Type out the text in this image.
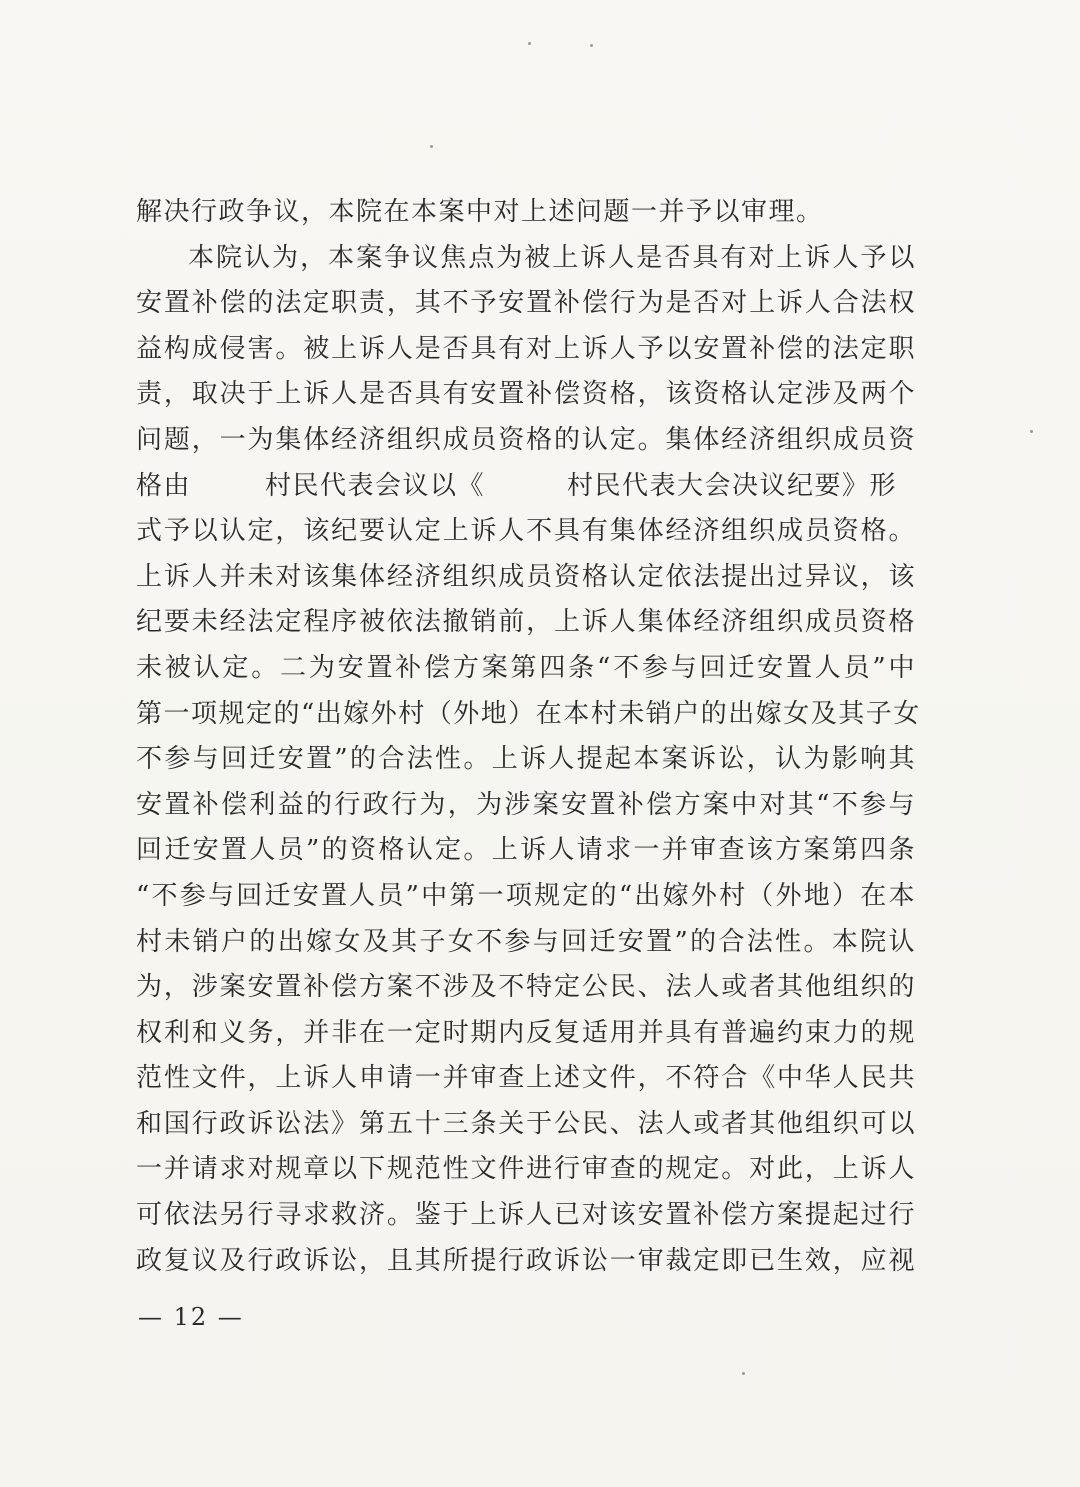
解决行政争议，本院在本案中对上述问题一并予以审理。
本院认为，本案争议焦点为被上诉人是否具有对上诉人予以
安置补偿的法定职责，其不予安置补偿行为是否对上诉人合法权
益构成侵害。被上诉人是否具有对上诉人予以安置补偿的法定职
责，取决于上诉人是否具有安置补偿资格，该资格认定涉及两个
问题，一为集体经济组织成员资格的认定。集体经济组织成员资
格由	村民代表会议以《	村民代表大会决议纪要》形
式予以认定，该纪要认定上诉人不具有集体经济组织成员资格。
上诉人并未对该集体经济组织成员资格认定依法提出过异议，该
纪要未经法定程序被依法撤销前，上诉人集体经济组织成员资格
未被认定。二为安置补偿方案第四条“不参与回迁安置人员”中
第一项规定的“出嫁外村（外地）在本村未销户的出嫁女及其子女
不参与回迁安置”的合法性。上诉人提起本案诉讼，认为影响其
安置补偿利益的行政行为，为涉案安置补偿方案中对其“不参与
回迁安置人员”的资格认定。上诉人请求一并审查该方案第四条
“不参与回迁安置人员”中第一项规定的“出嫁外村（外地）在本
村未销户的出嫁女及其子女不参与回迁安置”的合法性。本院认
为，涉案安置补偿方案不涉及不特定公民、法人或者其他组织的
权利和义务，并非在一定时期内反复适用并具有普遍约束力的规
范性文件，上诉人申请一并审查上述文件，不符合《中华人民共
和国行政诉讼法》第五十三条关于公民、法人或者其他组织可以
一并请求对规章以下规范性文件进行审查的规定。对此，上诉人
可依法另行寻求救济。鉴于上诉人已对该安置补偿方案提起过行
政复议及行政诉讼，且其所提行政诉讼一审裁定即已生效，应视
— 12 —
